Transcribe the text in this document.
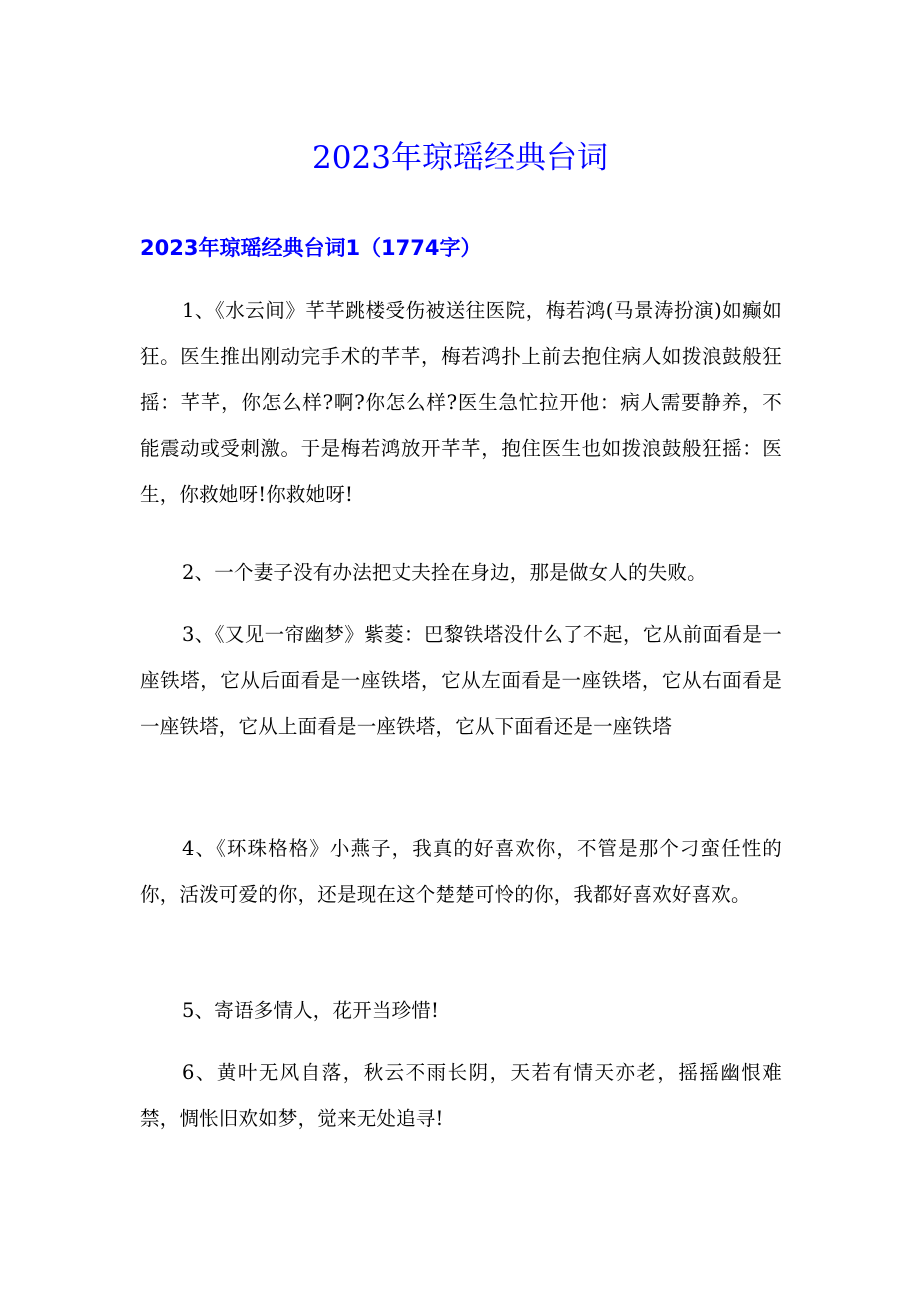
2023年琼瑶经典台词
2023年琼瑶经典台词1（1774字）

1、《水云间》芊芊跳楼受伤被送往医院，梅若鸿(马景涛扮演)如癫如狂。医生推出刚动完手术的芊芊，梅若鸿扑上前去抱住病人如拨浪鼓般狂摇：芊芊，你怎么样?啊?你怎么样?医生急忙拉开他：病人需要静养，不能震动或受刺激。于是梅若鸿放开芊芊，抱住医生也如拨浪鼓般狂摇：医生，你救她呀!你救她呀!

2、一个妻子没有办法把丈夫拴在身边，那是做女人的失败。

3、《又见一帘幽梦》紫菱：巴黎铁塔没什么了不起，它从前面看是一座铁塔，它从后面看是一座铁塔，它从左面看是一座铁塔，它从右面看是一座铁塔，它从上面看是一座铁塔，它从下面看还是一座铁塔

4、《环珠格格》小燕子，我真的好喜欢你，不管是那个刁蛮任性的你，活泼可爱的你，还是现在这个楚楚可怜的你，我都好喜欢好喜欢。

5、寄语多情人，花开当珍惜!

6、黄叶无风自落，秋云不雨长阴，天若有情天亦老，摇摇幽恨难禁，惆怅旧欢如梦，觉来无处追寻!
